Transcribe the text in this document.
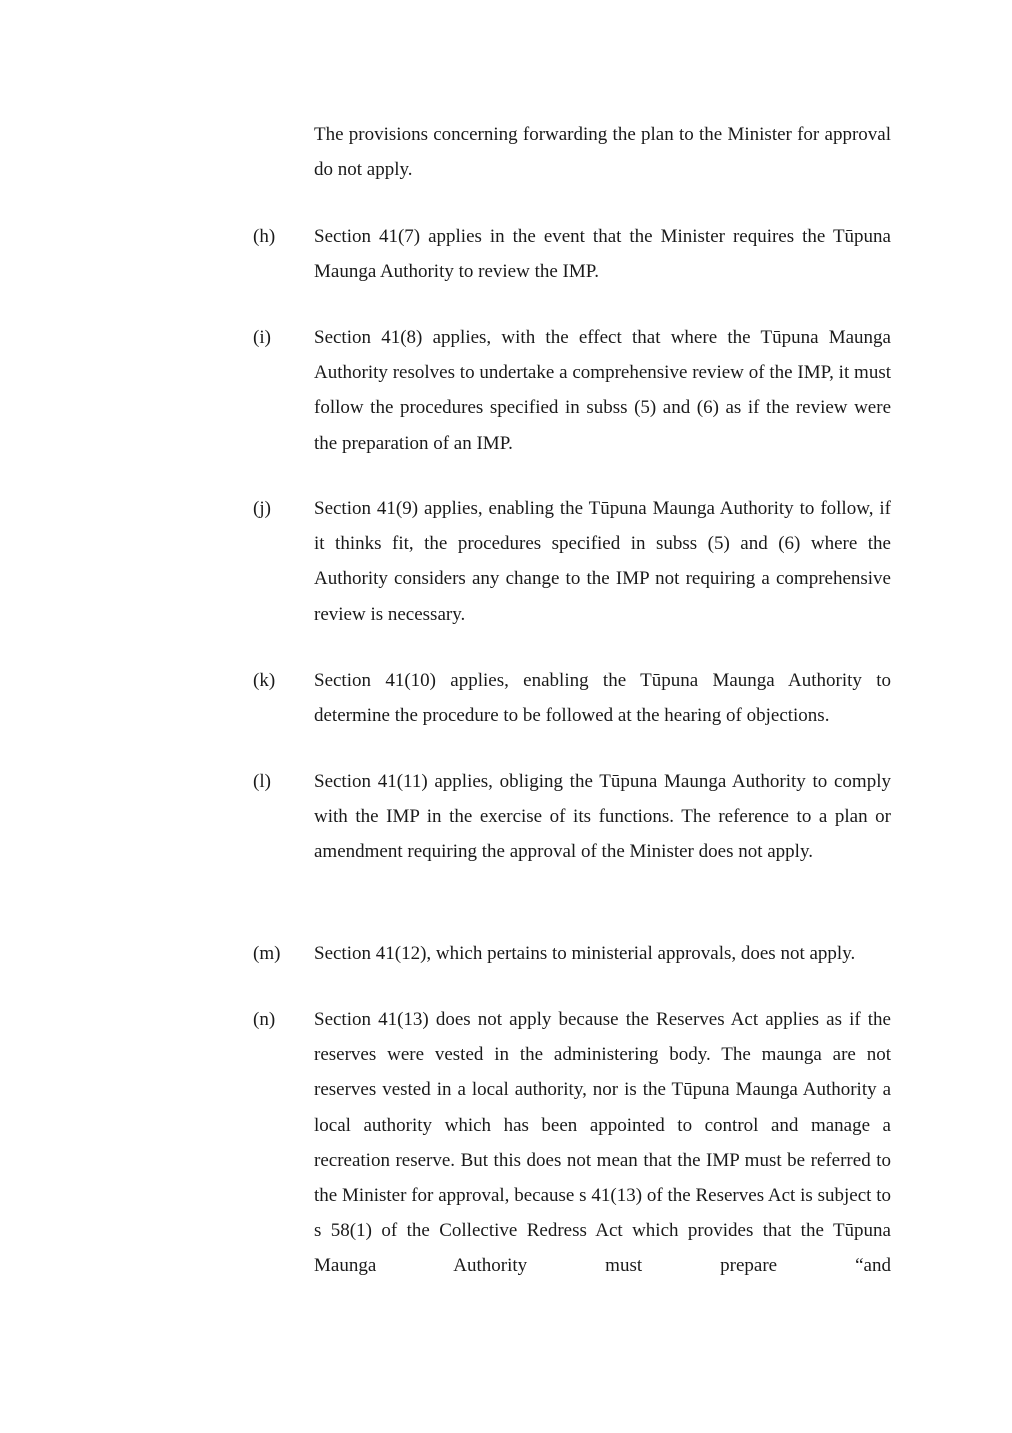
The provisions concerning forwarding the plan to the Minister for approval do not apply.

(h) Section 41(7) applies in the event that the Minister requires the Tūpuna Maunga Authority to review the IMP.

(i) Section 41(8) applies, with the effect that where the Tūpuna Maunga Authority resolves to undertake a comprehensive review of the IMP, it must follow the procedures specified in subss (5) and (6) as if the review were the preparation of an IMP.

(j) Section 41(9) applies, enabling the Tūpuna Maunga Authority to follow, if it thinks fit, the procedures specified in subss (5) and (6) where the Authority considers any change to the IMP not requiring a comprehensive review is necessary.

(k) Section 41(10) applies, enabling the Tūpuna Maunga Authority to determine the procedure to be followed at the hearing of objections.

(l) Section 41(11) applies, obliging the Tūpuna Maunga Authority to comply with the IMP in the exercise of its functions. The reference to a plan or amendment requiring the approval of the Minister does not apply.

(m) Section 41(12), which pertains to ministerial approvals, does not apply.

(n) Section 41(13) does not apply because the Reserves Act applies as if the reserves were vested in the administering body. The maunga are not reserves vested in a local authority, nor is the Tūpuna Maunga Authority a local authority which has been appointed to control and manage a recreation reserve. But this does not mean that the IMP must be referred to the Minister for approval, because s 41(13) of the Reserves Act is subject to s 58(1) of the Collective Redress Act which provides that the Tūpuna Maunga Authority must prepare “and
